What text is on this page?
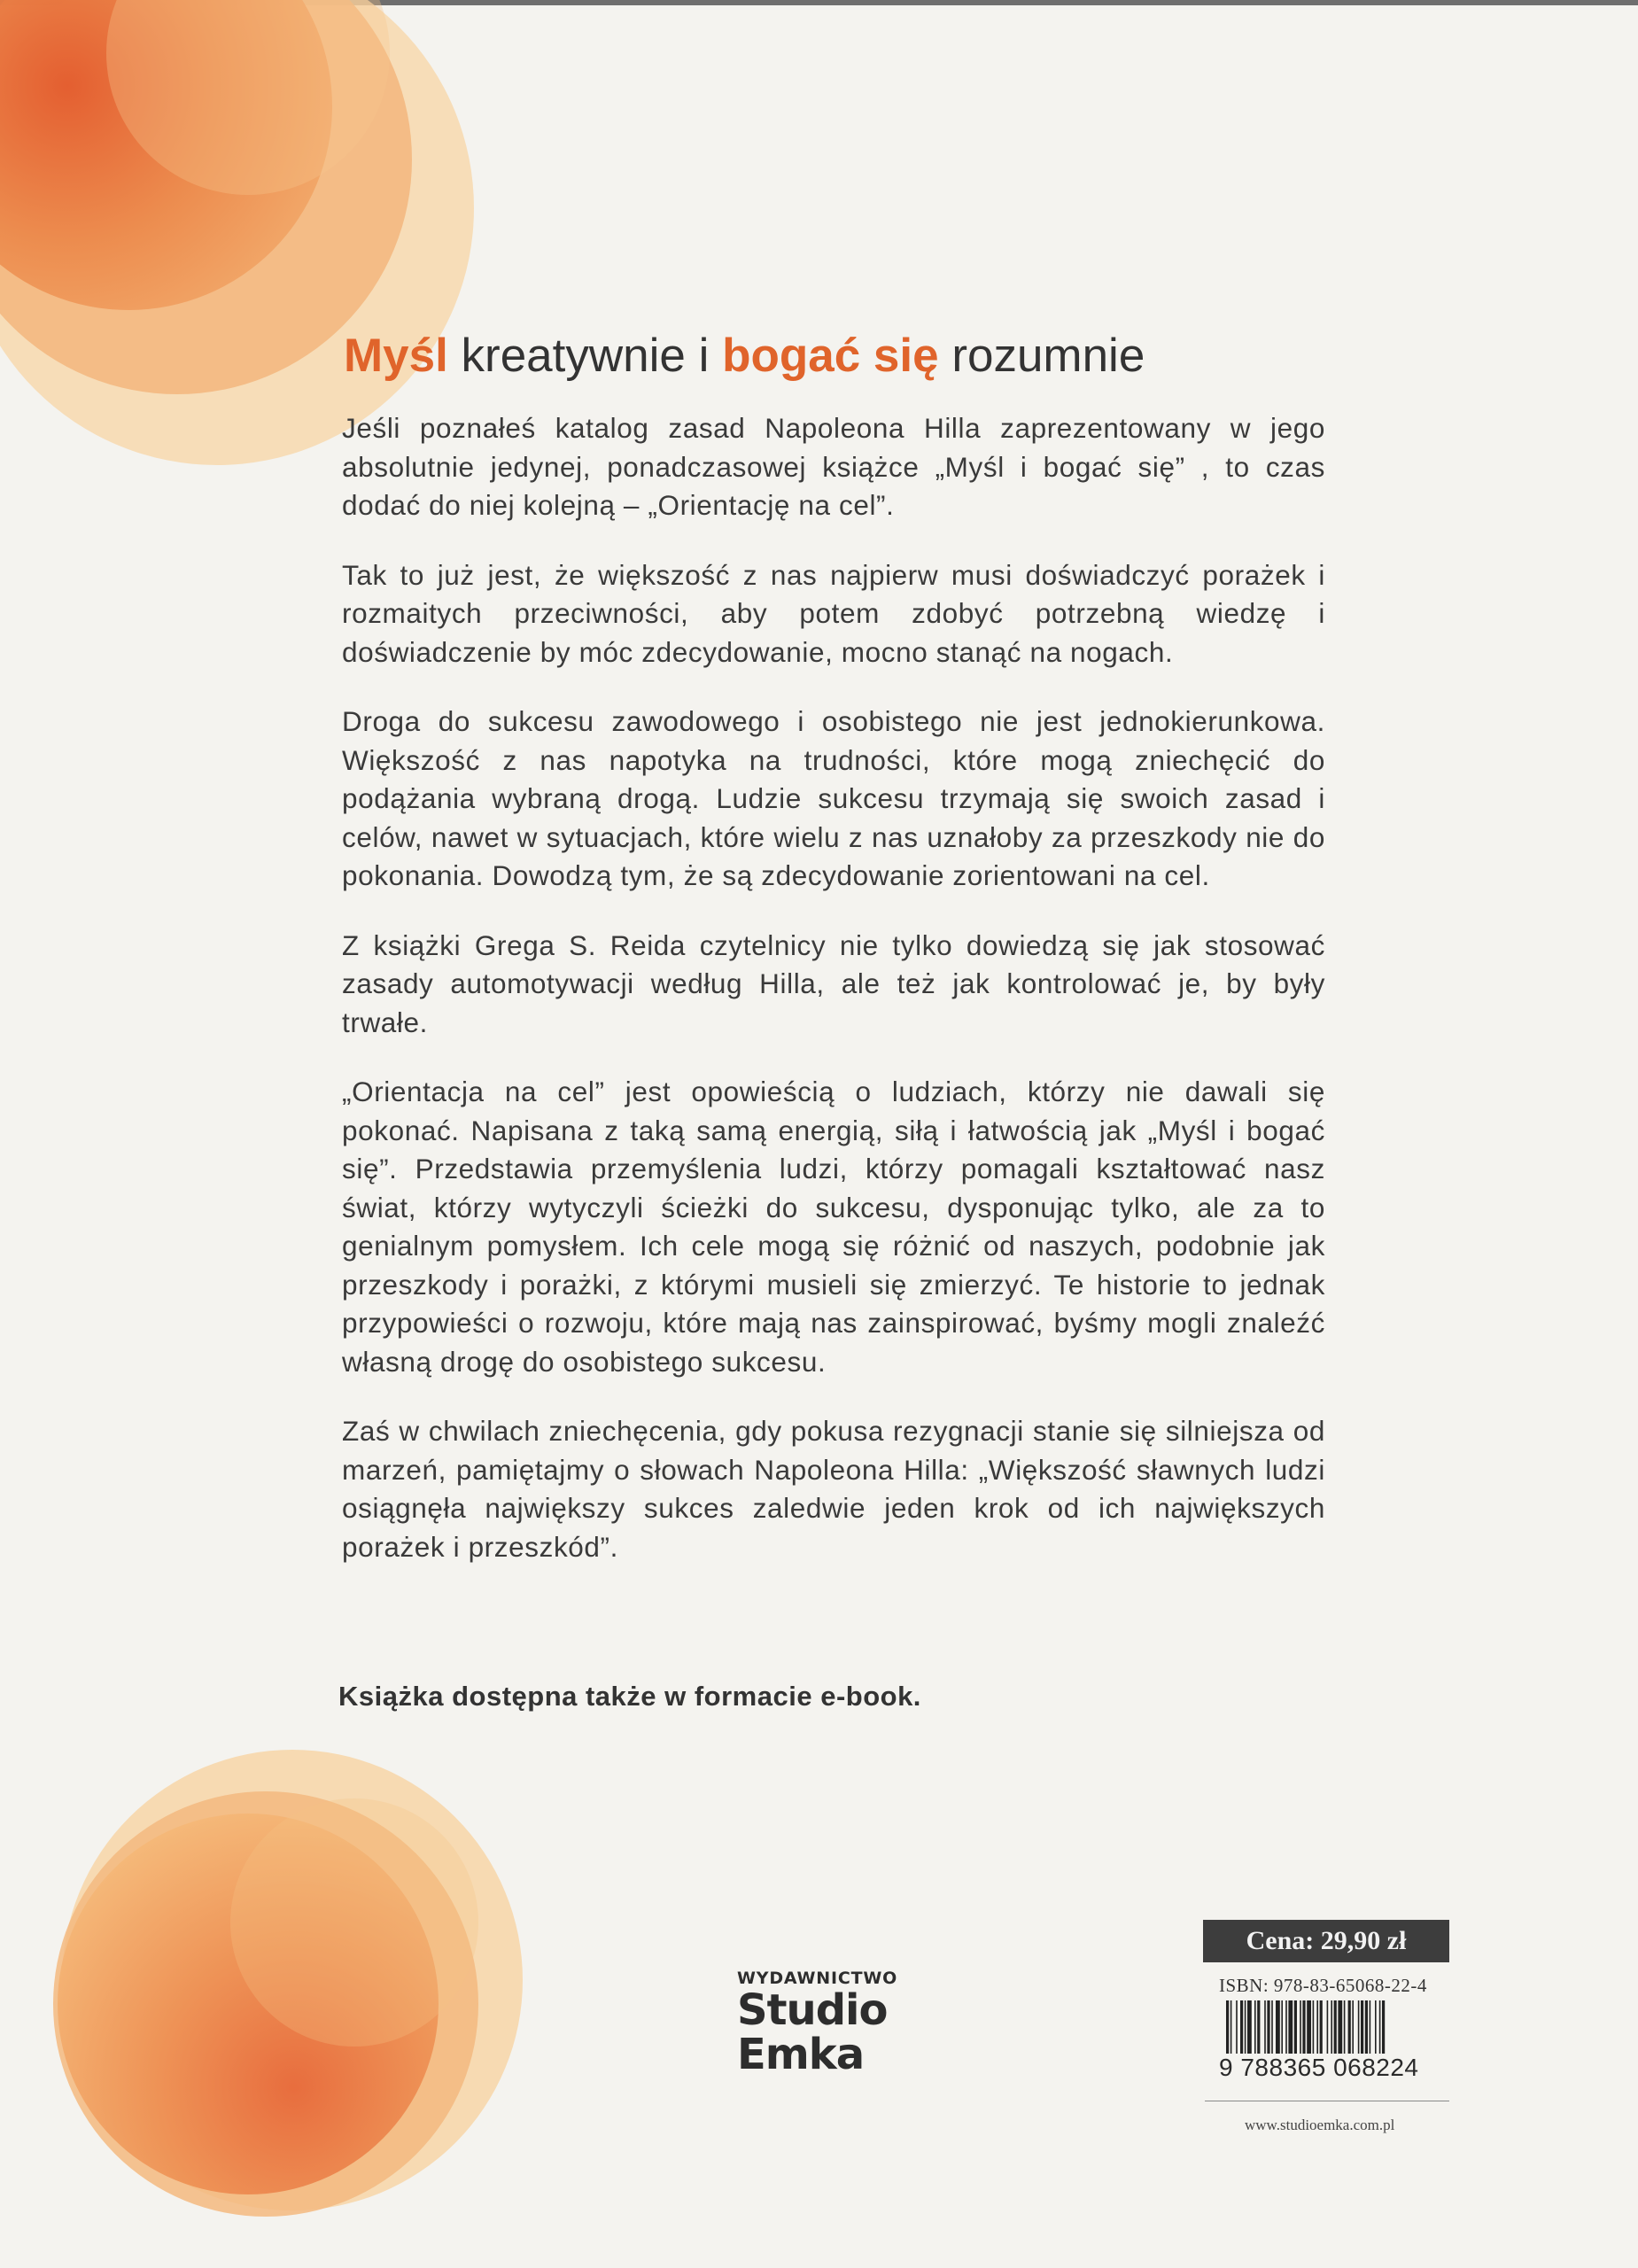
Myśl kreatywnie i bogać się rozumnie

Jeśli poznałeś katalog zasad Napoleona Hilla zaprezentowany w jego absolutnie jedynej, ponadczasowej książce „Myśl i bogać się” , to czas dodać do niej kolejną – „Orientację na cel”.

Tak to już jest, że większość z nas najpierw musi doświadczyć porażek i rozmaitych przeciwności, aby potem zdobyć potrzebną wiedzę i doświadczenie by móc zdecydowanie, mocno stanąć na nogach.

Droga do sukcesu zawodowego i osobistego nie jest jednokierunkowa. Większość z nas napotyka na trudności, które mogą zniechęcić do podążania wybraną drogą. Ludzie sukcesu trzymają się swoich zasad i celów, nawet w sytuacjach, które wielu z nas uznałoby za przeszkody nie do pokonania. Dowodzą tym, że są zdecydowanie zorientowani na cel.

Z książki Grega S. Reida czytelnicy nie tylko dowiedzą się jak stosować zasady automotywacji według Hilla, ale też jak kontrolować je, by były trwałe.

„Orientacja na cel” jest opowieścią o ludziach, którzy nie dawali się pokonać. Napisana z taką samą energią, siłą i łatwością jak „Myśl i bogać się”. Przedstawia przemyślenia ludzi, którzy pomagali kształtować nasz świat, którzy wytyczyli ścieżki do sukcesu, dysponując tylko, ale za to genialnym pomysłem. Ich cele mogą się różnić od naszych, podobnie jak przeszkody i porażki, z którymi musieli się zmierzyć. Te historie to jednak przypowieści o rozwoju, które mają nas zainspirować, byśmy mogli znaleźć własną drogę do osobistego sukcesu.

Zaś w chwilach zniechęcenia, gdy pokusa rezygnacji stanie się silniejsza od marzeń, pamiętajmy o słowach Napoleona Hilla: „Większość sławnych ludzi osiągnęła największy sukces zaledwie jeden krok od ich największych porażek i przeszkód”.

Książka dostępna także w formacie e-book.
WYDAWNICTWO
Studio
Emka
Cena: 29,90 zł
ISBN: 978-83-65068-22-4
9 788365 068224
www.studioemka.com.pl
